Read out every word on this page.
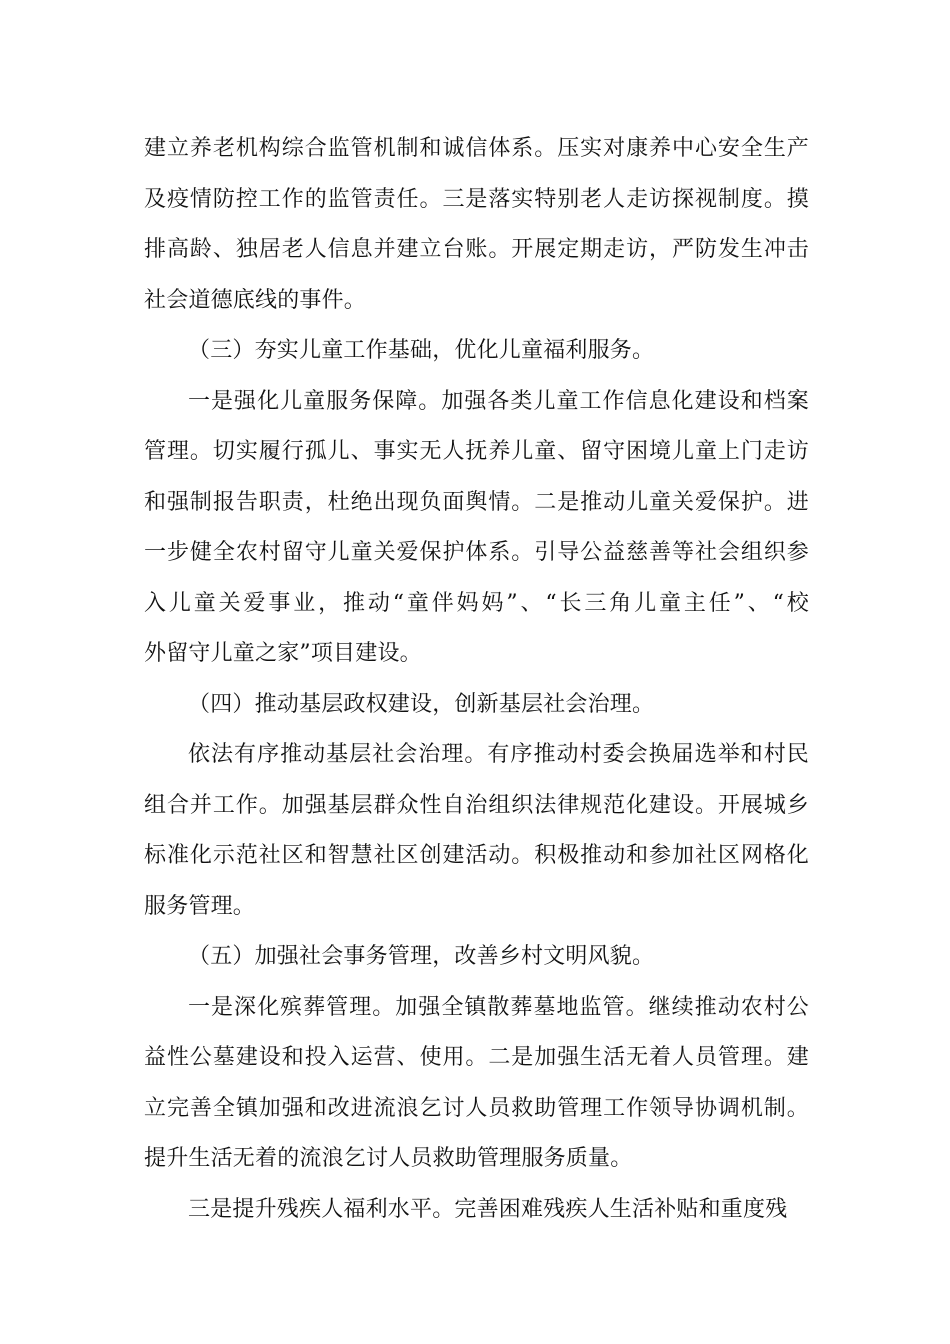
建立养老机构综合监管机制和诚信体系。压实对康养中心安全生产
及疫情防控工作的监管责任。三是落实特别老人走访探视制度。摸
排高龄、独居老人信息并建立台账。开展定期走访，严防发生冲击
社会道德底线的事件。
（三）夯实儿童工作基础，优化儿童福利服务。
一是强化儿童服务保障。加强各类儿童工作信息化建设和档案
管理。切实履行孤儿、事实无人抚养儿童、留守困境儿童上门走访
和强制报告职责，杜绝出现负面舆情。二是推动儿童关爱保护。进
一步健全农村留守儿童关爱保护体系。引导公益慈善等社会组织参
入儿童关爱事业，推动“童伴妈妈”、“长三角儿童主任”、“校
外留守儿童之家”项目建设。
（四）推动基层政权建设，创新基层社会治理。
依法有序推动基层社会治理。有序推动村委会换届选举和村民
组合并工作。加强基层群众性自治组织法律规范化建设。开展城乡
标准化示范社区和智慧社区创建活动。积极推动和参加社区网格化
服务管理。
（五）加强社会事务管理，改善乡村文明风貌。
一是深化殡葬管理。加强全镇散葬墓地监管。继续推动农村公
益性公墓建设和投入运营、使用。二是加强生活无着人员管理。建
立完善全镇加强和改进流浪乞讨人员救助管理工作领导协调机制。
提升生活无着的流浪乞讨人员救助管理服务质量。
三是提升残疾人福利水平。完善困难残疾人生活补贴和重度残
